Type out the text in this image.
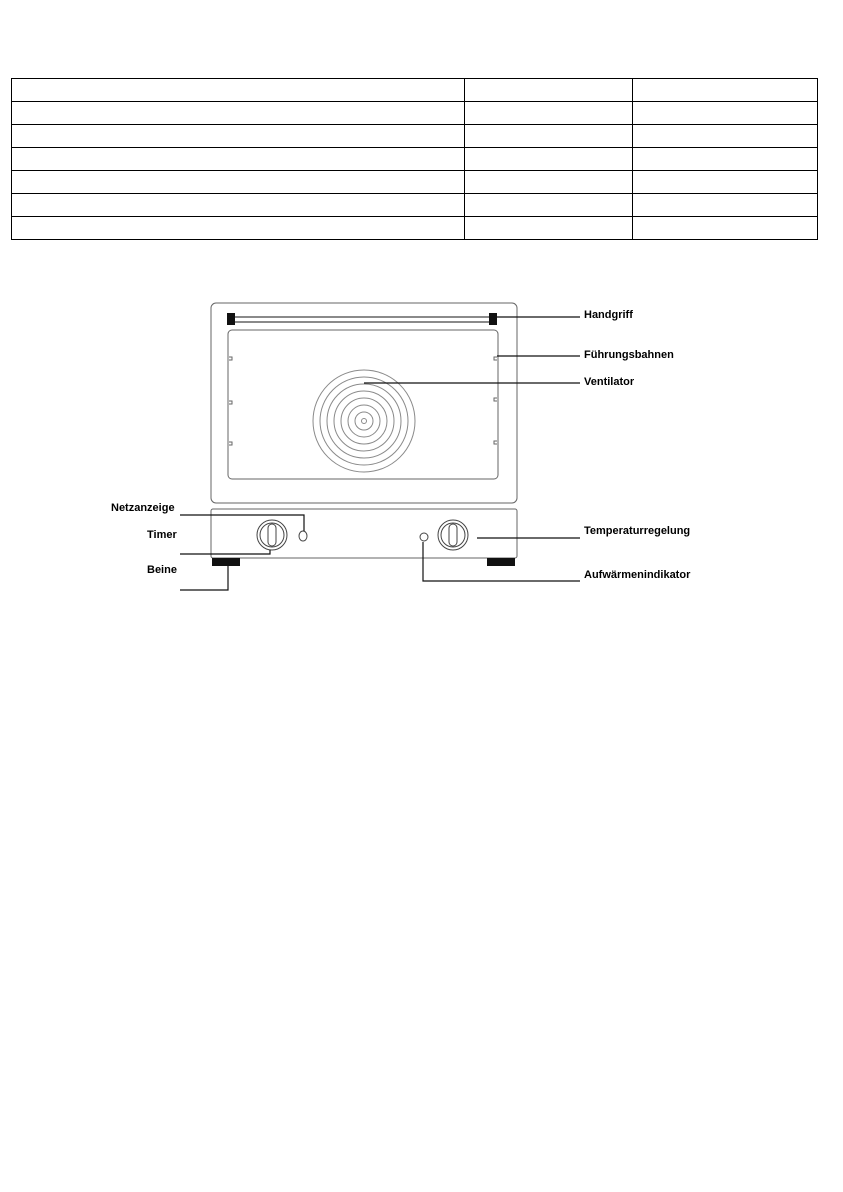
Handgriff
Führungsbahnen
Ventilator
Netzanzeige
Timer
Beine
Temperaturregelung
Aufwärmenindikator
